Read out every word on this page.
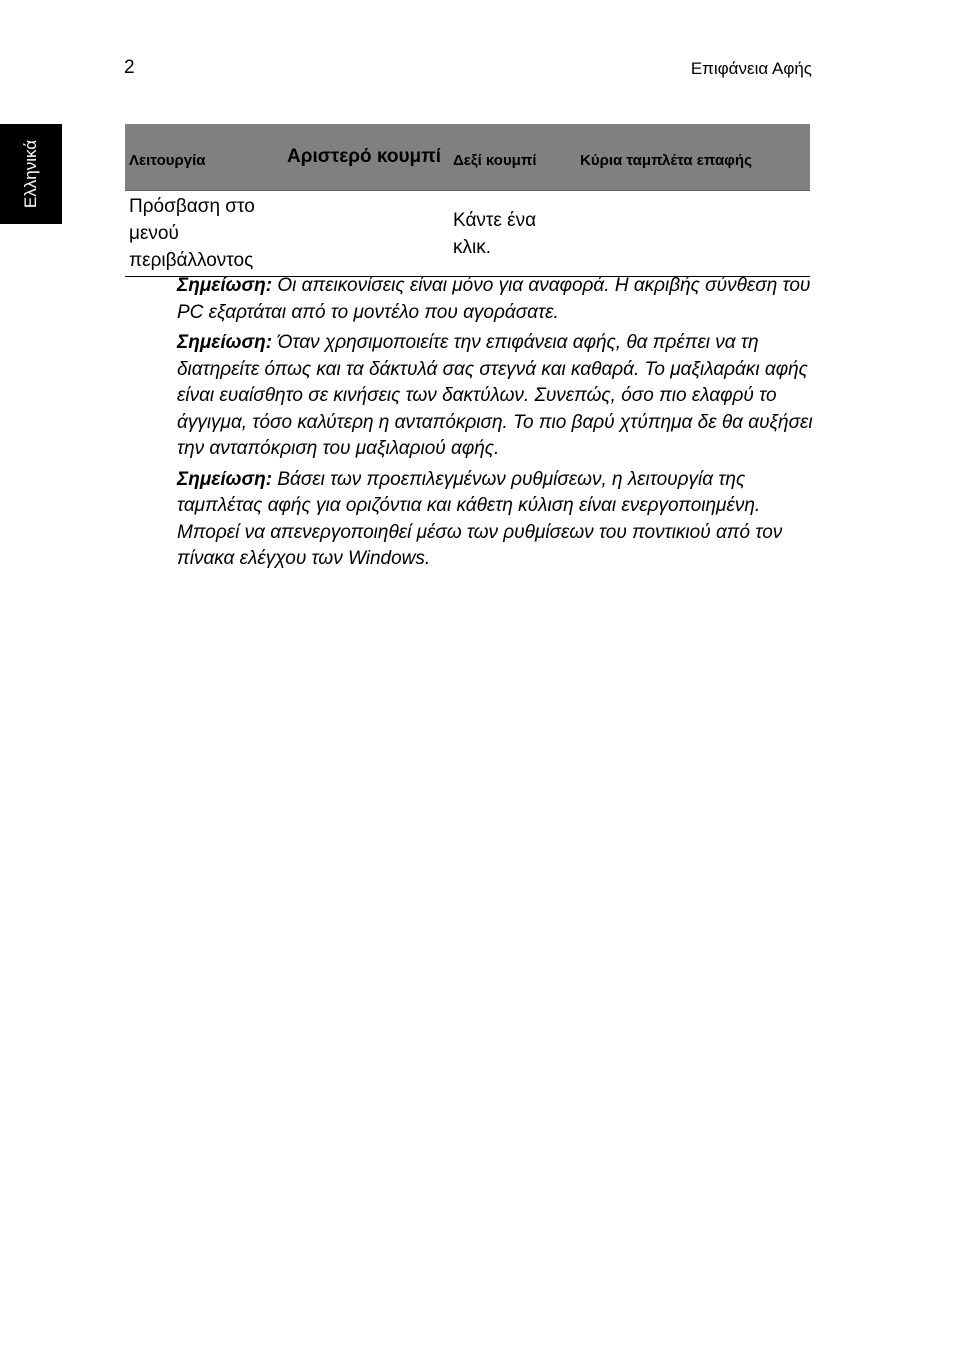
2	Επιφάνεια Αφής
Ελληνικά	Λειτουργία	Αριστερό κουμπί	Δεξί κουμπί	Κύρια ταμπλέτα επαφής
Πρόσβαση στο μενού περιβάλλοντος		Κάντε ένα κλικ.	

Σημείωση: Οι απεικονίσεις είναι μόνο για αναφορά. Η ακριβής σύνθεση του PC εξαρτάται από το μοντέλο που αγοράσατε.

Σημείωση: Όταν χρησιμοποιείτε την επιφάνεια αφής, θα πρέπει να τη διατηρείτε όπως και τα δάκτυλά σας στεγνά και καθαρά. Το μαξιλαράκι αφής είναι ευαίσθητο σε κινήσεις των δακτύλων. Συνεπώς, όσο πιο ελαφρύ το άγγιγμα, τόσο καλύτερη η ανταπόκριση. Το πιο βαρύ χτύπημα δε θα αυξήσει την ανταπόκριση του μαξιλαριού αφής.

Σημείωση: Βάσει των προεπιλεγμένων ρυθμίσεων, η λειτουργία της ταμπλέτας αφής για οριζόντια και κάθετη κύλιση είναι ενεργοποιημένη. Μπορεί να απενεργοποιηθεί μέσω των ρυθμίσεων του ποντικιού από τον πίνακα ελέγχου των Windows.
